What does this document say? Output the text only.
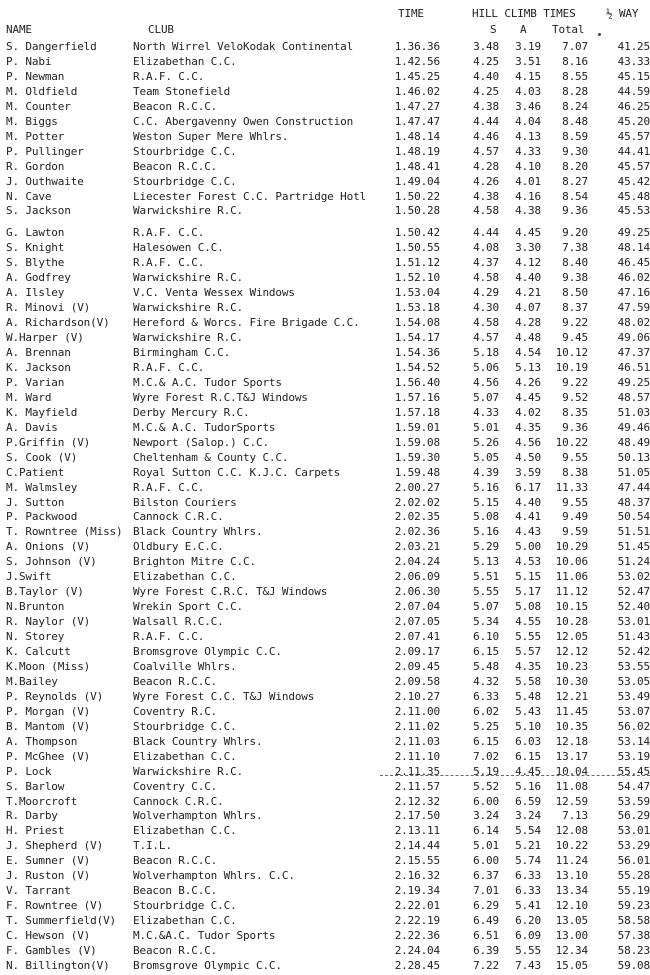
TIME	HILL CLIMB TIMES	½ WAY
NAME	CLUB	S	A	Total
S. Dangerfield	North Wirrel VeloKodak Continental	1.36.36	3.48	3.19	7.07	41.25
P. Nabi	Elizabethan C.C.	1.42.56	4.25	3.51	8.16	43.33
P. Newman	R.A.F. C.C.	1.45.25	4.40	4.15	8.55	45.15
M. Oldfield	Team Stonefield	1.46.02	4.25	4.03	8.28	44.59
M. Counter	Beacon R.C.C.	1.47.27	4.38	3.46	8.24	46.25
M. Biggs	C.C. Abergavenny Owen Construction	1.47.47	4.44	4.04	8.48	45.20
M. Potter	Weston Super Mere Whlrs.	1.48.14	4.46	4.13	8.59	45.57
P. Pullinger	Stourbridge C.C.	1.48.19	4.57	4.33	9.30	44.41
R. Gordon	Beacon R.C.C.	1.48.41	4.28	4.10	8.20	45.57
J. Outhwaite	Stourbridge C.C.	1.49.04	4.26	4.01	8.27	45.42
N. Cave	Liecester Forest C.C. Partridge Hotl	1.50.22	4.38	4.16	8.54	45.48
S. Jackson	Warwickshire R.C.	1.50.28	4.58	4.38	9.36	45.53
G. Lawton	R.A.F. C.C.	1.50.42	4.44	4.45	9.20	49.25
S. Knight	Halesowen C.C.	1.50.55	4.08	3.30	7.38	48.14
S. Blythe	R.A.F. C.C.	1.51.12	4.37	4.12	8.40	46.45
A. Godfrey	Warwickshire R.C.	1.52.10	4.58	4.40	9.38	46.02
A. Ilsley	V.C. Venta Wessex Windows	1.53.04	4.29	4.21	8.50	47.16
R. Minovi (V)	Warwickshire R.C.	1.53.18	4.30	4.07	8.37	47.59
A. Richardson(V)	Hereford & Worcs. Fire Brigade C.C.	1.54.08	4.58	4.28	9.22	48.02
W.Harper (V)	Warwickshire R.C.	1.54.17	4.57	4.48	9.45	49.06
A. Brennan	Birmingham C.C.	1.54.36	5.18	4.54	10.12	47.37
K. Jackson	R.A.F. C.C.	1.54.52	5.06	5.13	10.19	46.51
P. Varian	M.C.& A.C. Tudor Sports	1.56.40	4.56	4.26	9.22	49.25
M. Ward	Wyre Forest R.C.T&J Windows	1.57.16	5.07	4.45	9.52	48.57
K. Mayfield	Derby Mercury R.C.	1.57.18	4.33	4.02	8.35	51.03
A. Davis	M.C.& A.C. TudorSports	1.59.01	5.01	4.35	9.36	49.46
P.Griffin (V)	Newport (Salop.) C.C.	1.59.08	5.26	4.56	10.22	48.49
S. Cook (V)	Cheltenham & County C.C.	1.59.30	5.05	4.50	9.55	50.13
C.Patient	Royal Sutton C.C. K.J.C. Carpets	1.59.48	4.39	3.59	8.38	51.05
M. Walmsley	R.A.F. C.C.	2.00.27	5.16	6.17	11.33	47.44
J. Sutton	Bilston Couriers	2.02.02	5.15	4.40	9.55	48.37
P. Packwood	Cannock C.R.C.	2.02.35	5.08	4.41	9.49	50.54
T. Rowntree (Miss) Black Country Whlrs.	2.02.36	5.16	4.43	9.59	51.51
A. Onions (V)	Oldbury E.C.C.	2.03.21	5.29	5.00	10.29	51.45
S. Johnson (V)	Brighton Mitre C.C.	2.04.24	5.13	4.53	10.06	51.24
J.Swift	Elizabethan C.C.	2.06.09	5.51	5.15	11.06	53.02
B.Taylor (V)	Wyre Forest C.R.C. T&J Windows	2.06.30	5.55	5.17	11.12	52.47
N.Brunton	Wrekin Sport C.C.	2.07.04	5.07	5.08	10.15	52.40
R. Naylor (V)	Walsall R.C.C.	2.07.05	5.34	4.55	10.28	53.01
N. Storey	R.A.F. C.C.	2.07.41	6.10	5.55	12.05	51.43
K. Calcutt	Bromsgrove Olympic C.C.	2.09.17	6.15	5.57	12.12	52.42
K.Moon (Miss)	Coalville Whlrs.	2.09.45	5.48	4.35	10.23	53.55
M.Bailey	Beacon R.C.C.	2.09.58	4.32	5.58	10.30	53.05
P. Reynolds (V)	Wyre Forest C.C. T&J Windows	2.10.27	6.33	5.48	12.21	53.49
P. Morgan (V)	Coventry R.C.	2.11.00	6.02	5.43	11.45	53.07
B. Mantom (V)	Stourbridge C.C.	2.11.02	5.25	5.10	10.35	56.02
A. Thompson	Black Country Whlrs.	2.11.03	6.15	6.03	12.18	53.14
P. McGhee (V)	Elizabethan C.C.	2.11.10	7.02	6.15	13.17	53.19
P. Lock	Warwickshire R.C.	2.11.35	5.19	4.45	10.04	55.45
S. Barlow	Coventry C.C.	2.11.57	5.52	5.16	11.08	54.47
T.Moorcroft	Cannock C.R.C.	2.12.32	6.00	6.59	12.59	53.59
R. Darby	Wolverhampton Whlrs.	2.17.50	3.24	3.24	7.13	56.29
H. Priest	Elizabethan C.C.	2.13.11	6.14	5.54	12.08	53.01
J. Shepherd (V)	T.I.L.	2.14.44	5.01	5.21	10.22	53.29
E. Sumner (V)	Beacon R.C.C.	2.15.55	6.00	5.74	11.24	56.01
J. Ruston (V)	Wolverhampton Whlrs. C.C.	2.16.32	6.37	6.33	13.10	55.28
V. Tarrant	Beacon B.C.C.	2.19.34	7.01	6.33	13.34	55.19
F. Rowntree (V)	Stourbridge C.C.	2.22.01	6.29	5.41	12.10	59.23
T. Summerfield(V)	Elizabethan C.C.	2.22.19	6.49	6.20	13.05	58.58
C. Hewson (V)	M.C.&A.C. Tudor Sports	2.22.36	6.51	6.09	13.00	57.38
F. Gambles (V)	Beacon R.C.C.	2.24.04	6.39	5.55	12.34	58.23
N. Billington(V)	Bromsgrove Olympic C.C.	2.28.45	7.22	7.43	15.05	59.08
